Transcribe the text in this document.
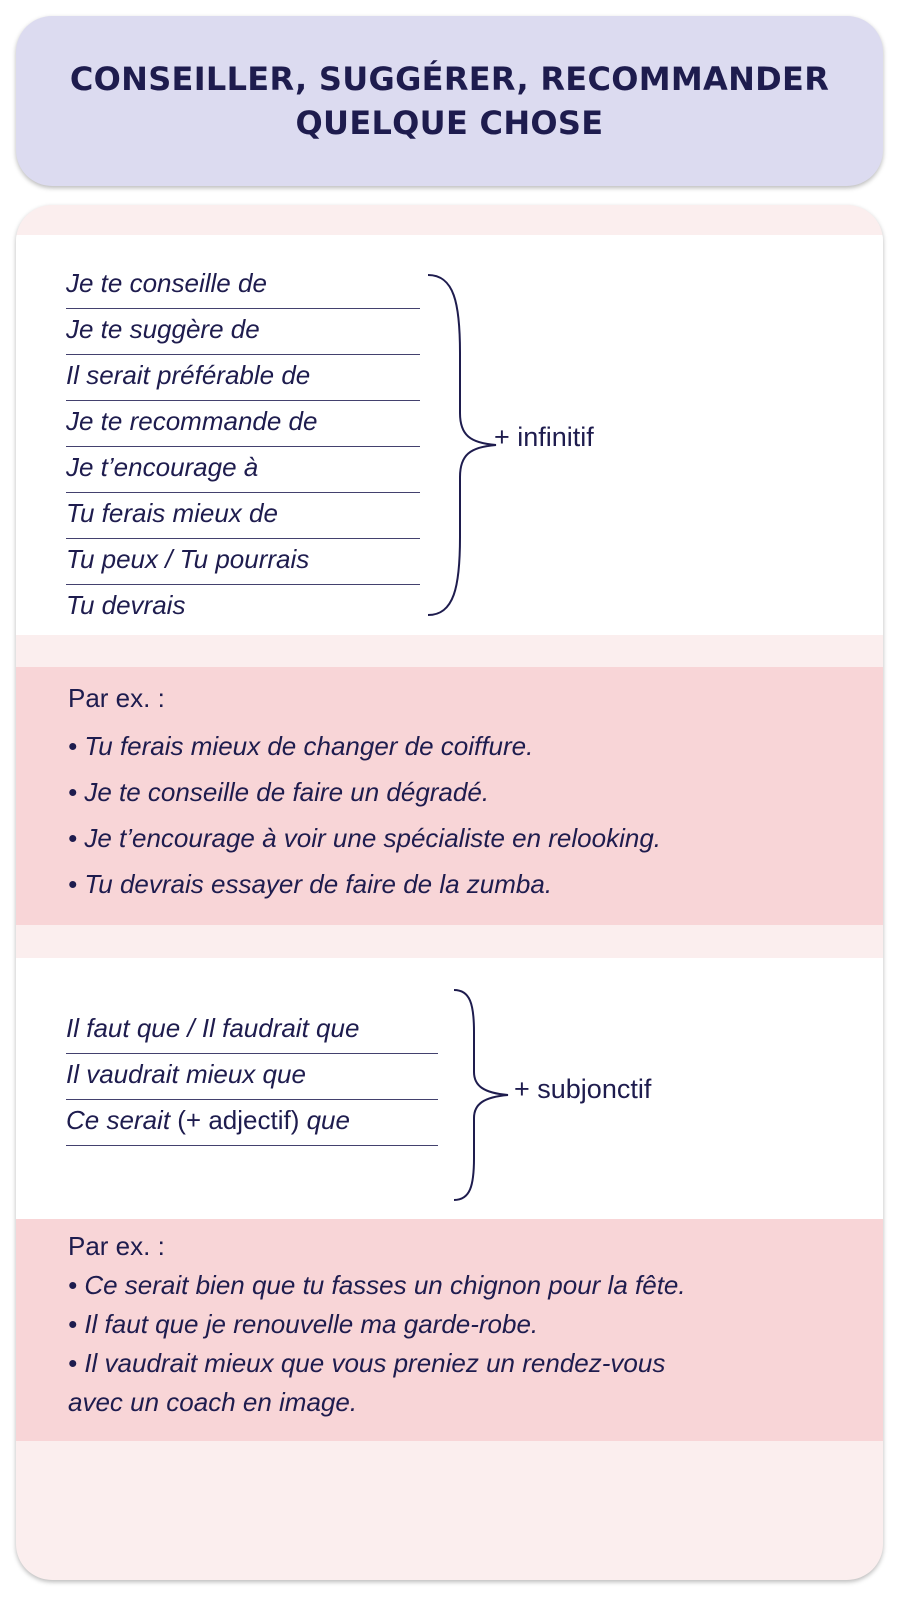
CONSEILLER, SUGGÉRER, RECOMMANDER
QUELQUE CHOSE
Je te conseille de
Je te suggère de
Il serait préférable de
Je te recommande de
Je t’encourage à
Tu ferais mieux de
Tu peux / Tu pourrais
Tu devrais
+ infinitif
Par ex. :
• Tu ferais mieux de changer de coiffure.
• Je te conseille de faire un dégradé.
• Je t’encourage à voir une spécialiste en relooking.
• Tu devrais essayer de faire de la zumba.
Il faut que / Il faudrait que
Il vaudrait mieux que
Ce serait (+ adjectif) que
+ subjonctif
Par ex. :
• Ce serait bien que tu fasses un chignon pour la fête.
• Il faut que je renouvelle ma garde-robe.
• Il vaudrait mieux que vous preniez un rendez-vous
avec un coach en image.
